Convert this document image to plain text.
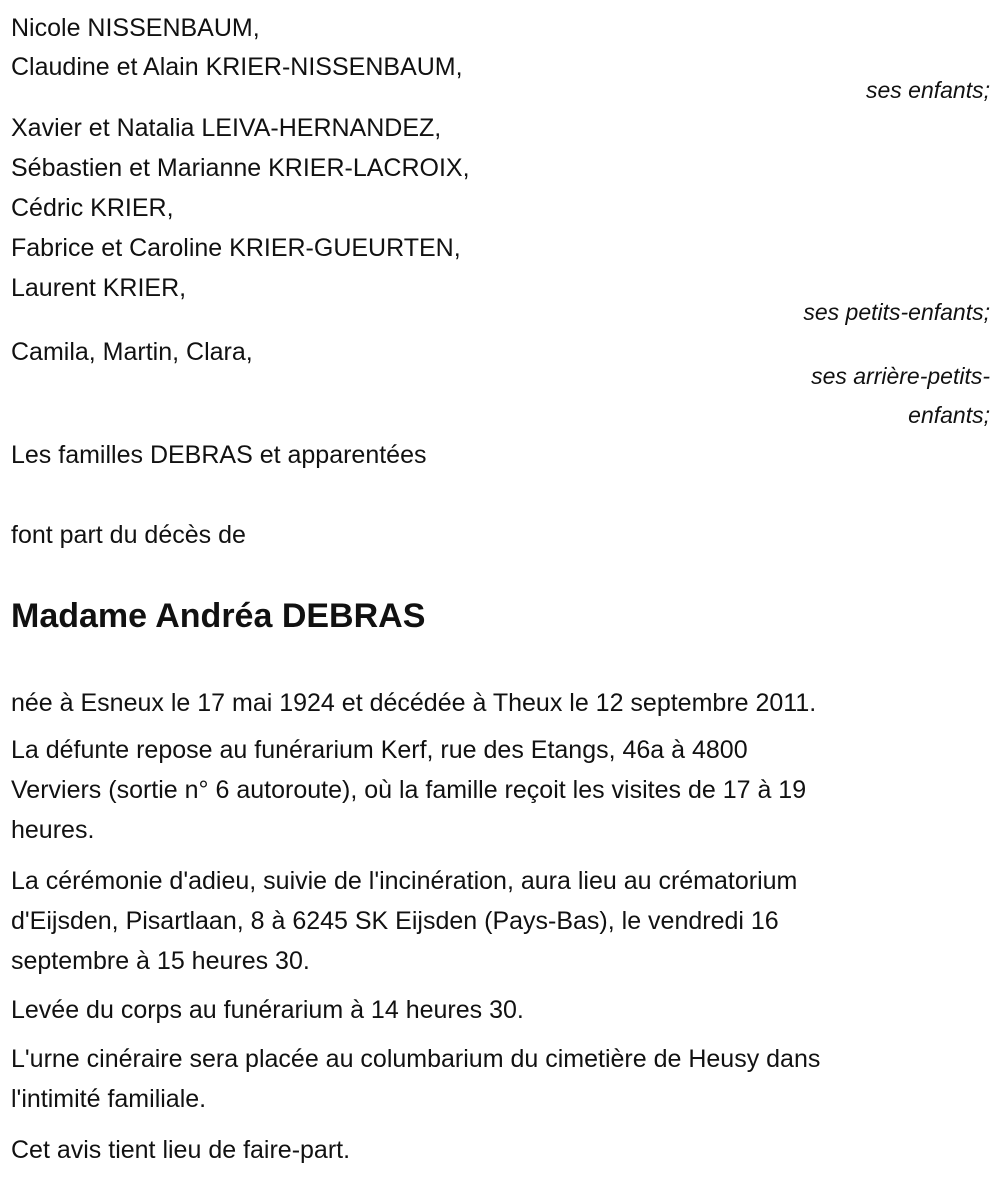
Nicole NISSENBAUM,
Claudine et Alain KRIER-NISSENBAUM,
ses enfants;
Xavier et Natalia LEIVA-HERNANDEZ,
Sébastien et Marianne KRIER-LACROIX,
Cédric KRIER,
Fabrice et Caroline KRIER-GUEURTEN,
Laurent KRIER,
ses petits-enfants;
Camila, Martin, Clara,
ses arrière-petits-
enfants;
Les familles DEBRAS et apparentées
font part du décès de
Madame Andréa DEBRAS
née à Esneux le 17 mai 1924 et décédée à Theux le 12 septembre 2011.
La défunte repose au funérarium Kerf, rue des Etangs, 46a à 4800
Verviers (sortie n° 6 autoroute), où la famille reçoit les visites de 17 à 19
heures.
La cérémonie d'adieu, suivie de l'incinération, aura lieu au crématorium
d'Eijsden, Pisartlaan, 8 à 6245 SK Eijsden (Pays-Bas), le vendredi 16
septembre à 15 heures 30.
Levée du corps au funérarium à 14 heures 30.
L'urne cinéraire sera placée au columbarium du cimetière de Heusy dans
l'intimité familiale.
Cet avis tient lieu de faire-part.
